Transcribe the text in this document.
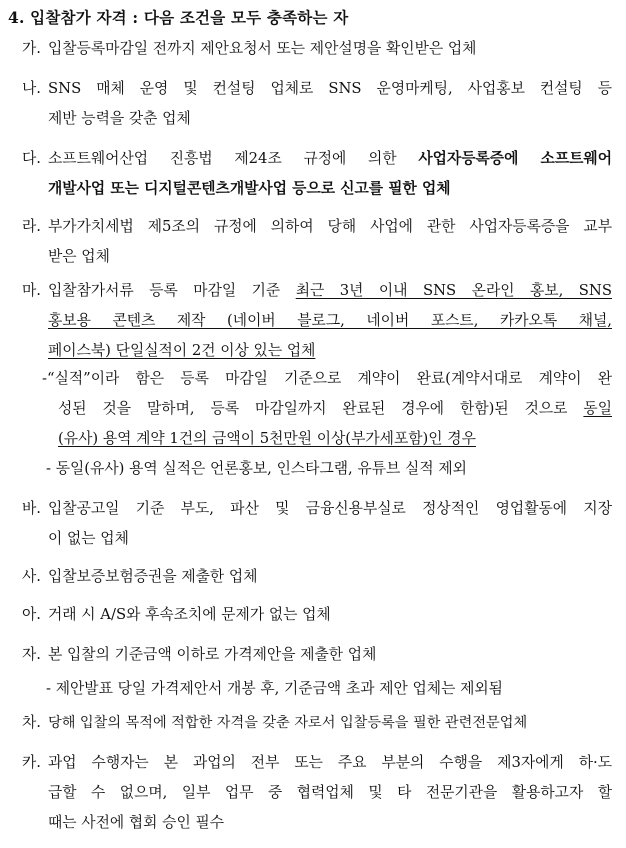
4. 입찰참가 자격 : 다음 조건을 모두 충족하는 자
가. 입찰등록마감일 전까지 제안요청서 또는 제안설명을 확인받은 업체
나. SNS 매체 운영 및 컨설팅 업체로 SNS 운영마케팅, 사업홍보 컨설팅 등
제반 능력을 갖춘 업체
다. 소프트웨어산업 진흥법 제24조 규정에 의한 사업자등록증에 소프트웨어
개발사업 또는 디지털콘텐츠개발사업 등으로 신고를 필한 업체
라. 부가가치세법 제5조의 규정에 의하여 당해 사업에 관한 사업자등록증을 교부
받은 업체
마. 입찰참가서류 등록 마감일 기준 최근 3년 이내 SNS 온라인 홍보, SNS
홍보용 콘텐츠 제작 (네이버 블로그, 네이버 포스트, 카카오톡 채널,
페이스북) 단일실적이 2건 이상 있는 업체
-“실적”이라 함은 등록 마감일 기준으로 계약이 완료(계약서대로 계약이 완
성된 것을 말하며, 등록 마감일까지 완료된 경우에 한함)된 것으로 동일
(유사) 용역 계약 1건의 금액이 5천만원 이상(부가세포함)인 경우
- 동일(유사) 용역 실적은 언론홍보, 인스타그램, 유튜브 실적 제외
바. 입찰공고일 기준 부도, 파산 및 금융신용부실로 정상적인 영업활동에 지장
이 없는 업체
사. 입찰보증보험증권을 제출한 업체
아. 거래 시 A/S와 후속조치에 문제가 없는 업체
자. 본 입찰의 기준금액 이하로 가격제안을 제출한 업체
- 제안발표 당일 가격제안서 개봉 후, 기준금액 초과 제안 업체는 제외됨
차. 당해 입찰의 목적에 적합한 자격을 갖춘 자로서 입찰등록을 필한 관련전문업체
카. 과업 수행자는 본 과업의 전부 또는 주요 부분의 수행을 제3자에게 하·도
급할 수 없으며, 일부 업무 중 협력업체 및 타 전문기관을 활용하고자 할
때는 사전에 협회 승인 필수
